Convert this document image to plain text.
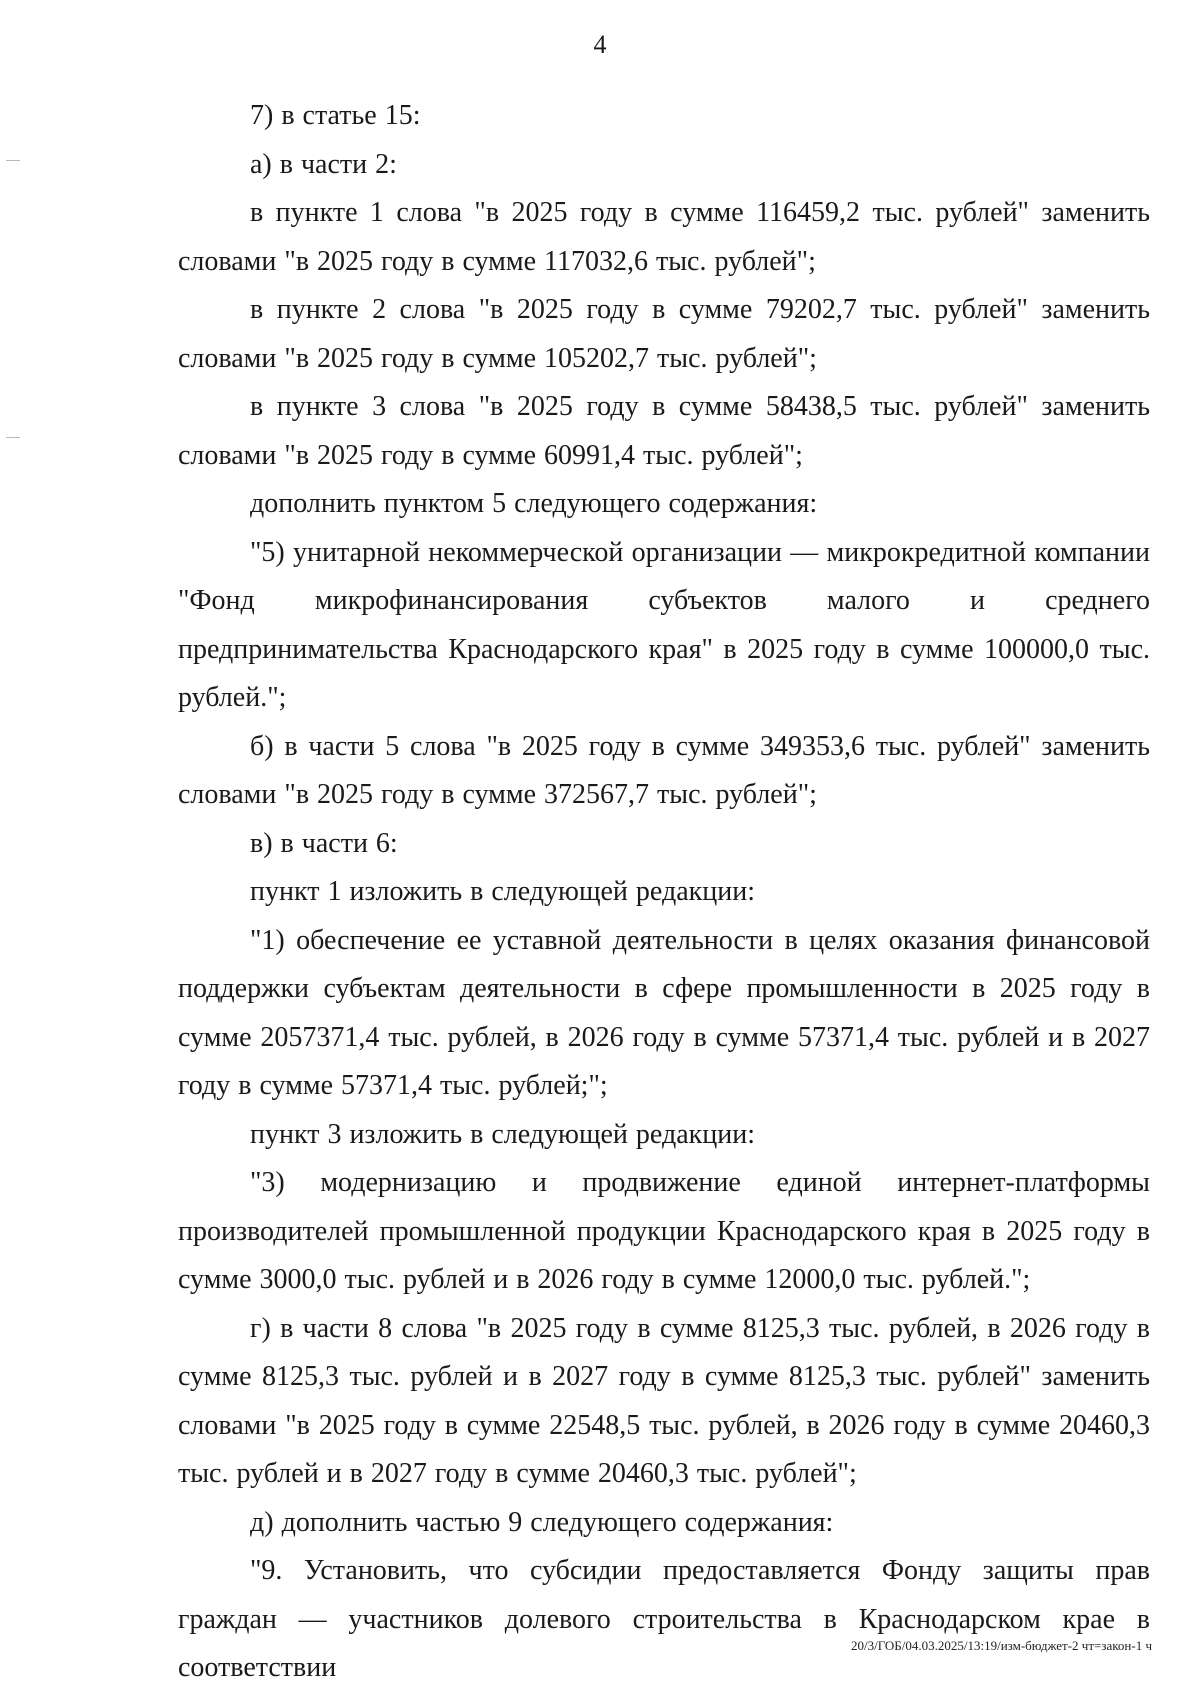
4

7) в статье 15:

а) в части 2:

в пункте 1 слова "в 2025 году в сумме 116459,2 тыс. рублей" заменить словами "в 2025 году в сумме 117032,6 тыс. рублей";

в пункте 2 слова "в 2025 году в сумме 79202,7 тыс. рублей" заменить словами "в 2025 году в сумме 105202,7 тыс. рублей";

в пункте 3 слова "в 2025 году в сумме 58438,5 тыс. рублей" заменить словами "в 2025 году в сумме 60991,4 тыс. рублей";

дополнить пунктом 5 следующего содержания:

"5) унитарной некоммерческой организации — микрокредитной компании "Фонд микрофинансирования субъектов малого и среднего предпринимательства Краснодарского края" в 2025 году в сумме 100000,0 тыс. рублей.";

б) в части 5 слова "в 2025 году в сумме 349353,6 тыс. рублей" заменить словами "в 2025 году в сумме 372567,7 тыс. рублей";

в) в части 6:

пункт 1 изложить в следующей редакции:

"1) обеспечение ее уставной деятельности в целях оказания финансовой поддержки субъектам деятельности в сфере промышленности в 2025 году в сумме 2057371,4 тыс. рублей, в 2026 году в сумме 57371,4 тыс. рублей и в 2027 году в сумме 57371,4 тыс. рублей;";

пункт 3 изложить в следующей редакции:

"3) модернизацию и продвижение единой интернет-платформы производителей промышленной продукции Краснодарского края в 2025 году в сумме 3000,0 тыс. рублей и в 2026 году в сумме 12000,0 тыс. рублей.";

г) в части 8 слова "в 2025 году в сумме 8125,3 тыс. рублей, в 2026 году в сумме 8125,3 тыс. рублей и в 2027 году в сумме 8125,3 тыс. рублей" заменить словами "в 2025 году в сумме 22548,5 тыс. рублей, в 2026 году в сумме 20460,3 тыс. рублей и в 2027 году в сумме 20460,3 тыс. рублей";

д) дополнить частью 9 следующего содержания:

"9. Установить, что субсидии предоставляется Фонду защиты прав граждан — участников долевого строительства в Краснодарском крае в соответствии

20/3/ГОБ/04.03.2025/13:19/изм-бюджет-2 чт=закон-1 ч
